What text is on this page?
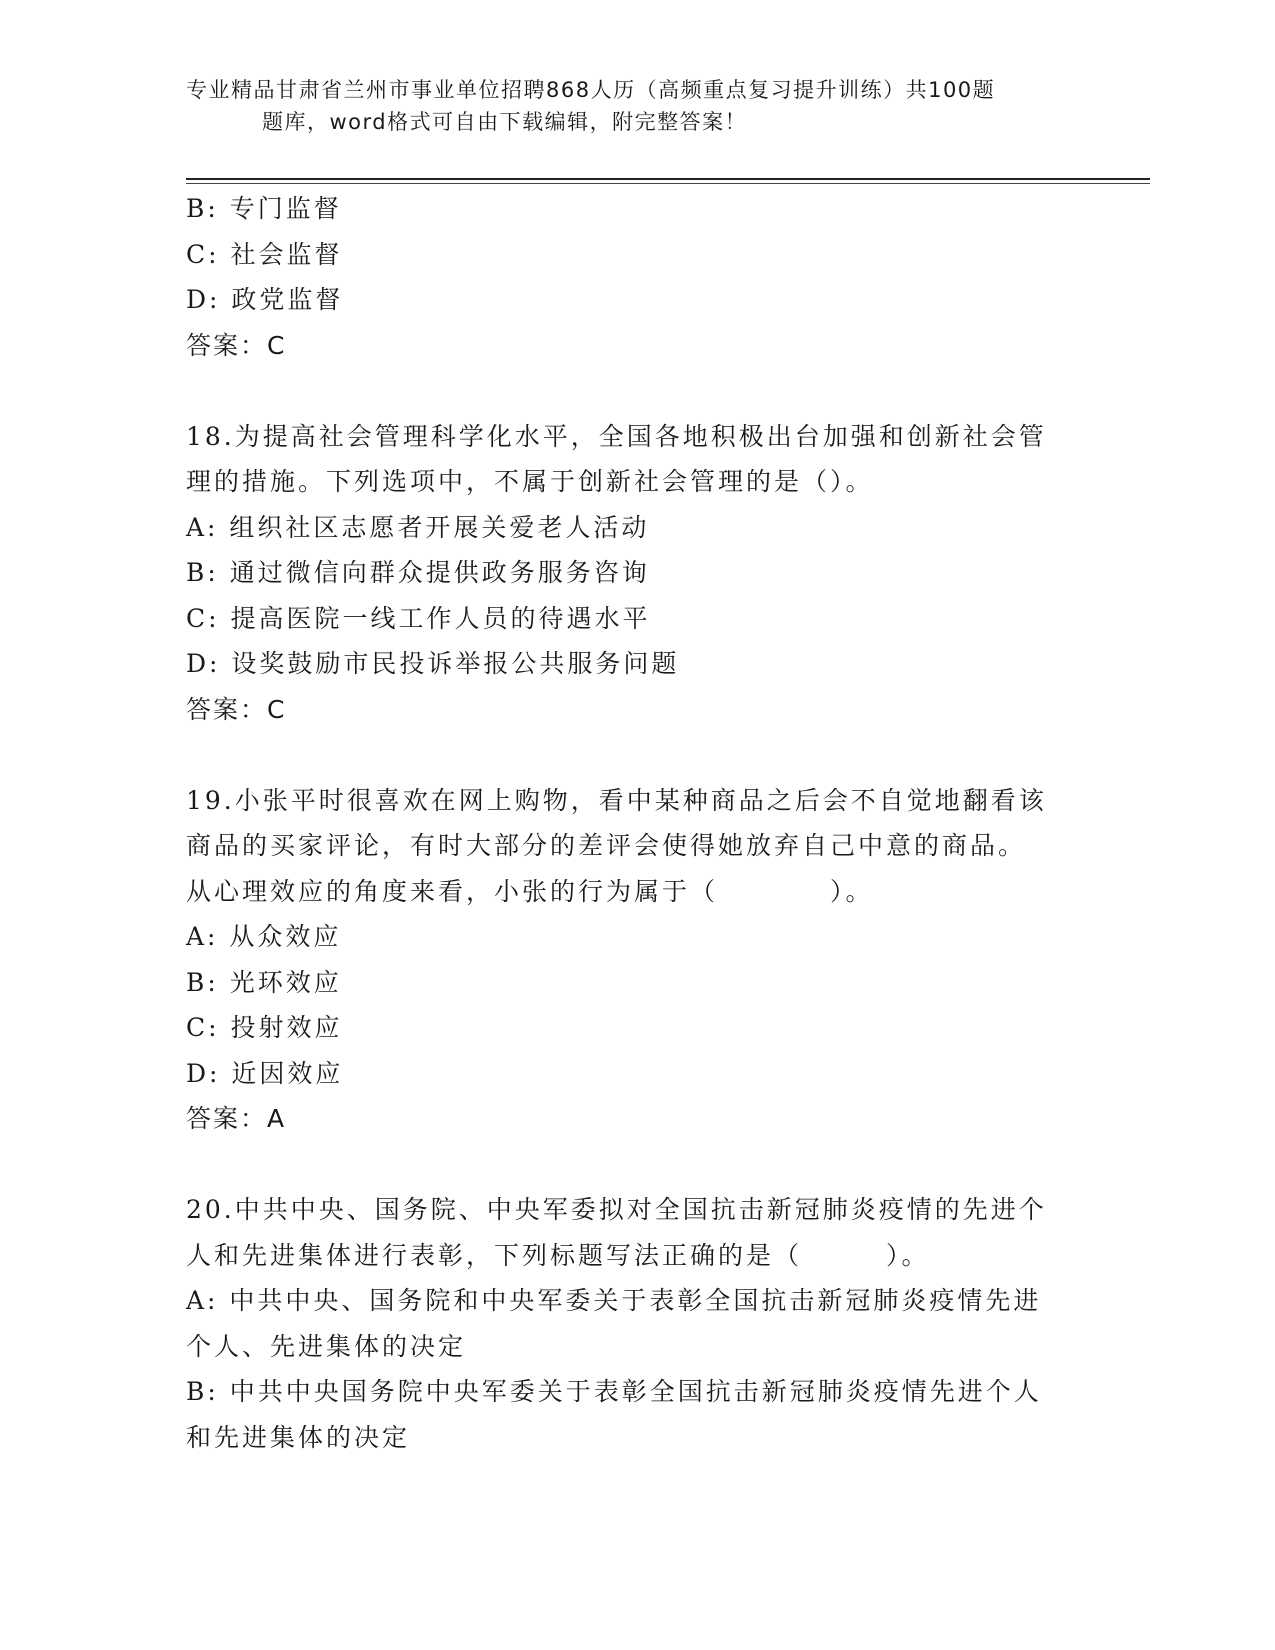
专业精品甘肃省兰州市事业单位招聘868人历（高频重点复习提升训练）共100题
题库，word格式可自由下载编辑，附完整答案！
B: 专门监督
C: 社会监督
D: 政党监督
答案：C
18.为提高社会管理科学化水平，全国各地积极出台加强和创新社会管
理的措施。下列选项中，不属于创新社会管理的是（）。
A: 组织社区志愿者开展关爱老人活动
B: 通过微信向群众提供政务服务咨询
C: 提高医院一线工作人员的待遇水平
D: 设奖鼓励市民投诉举报公共服务问题
答案：C
19.小张平时很喜欢在网上购物，看中某种商品之后会不自觉地翻看该
商品的买家评论，有时大部分的差评会使得她放弃自己中意的商品。
从心理效应的角度来看，小张的行为属于（　　　　）。
A: 从众效应
B: 光环效应
C: 投射效应
D: 近因效应
答案：A
20.中共中央、国务院、中央军委拟对全国抗击新冠肺炎疫情的先进个
人和先进集体进行表彰，下列标题写法正确的是（　　　）。
A: 中共中央、国务院和中央军委关于表彰全国抗击新冠肺炎疫情先进
个人、先进集体的决定
B: 中共中央国务院中央军委关于表彰全国抗击新冠肺炎疫情先进个人
和先进集体的决定
